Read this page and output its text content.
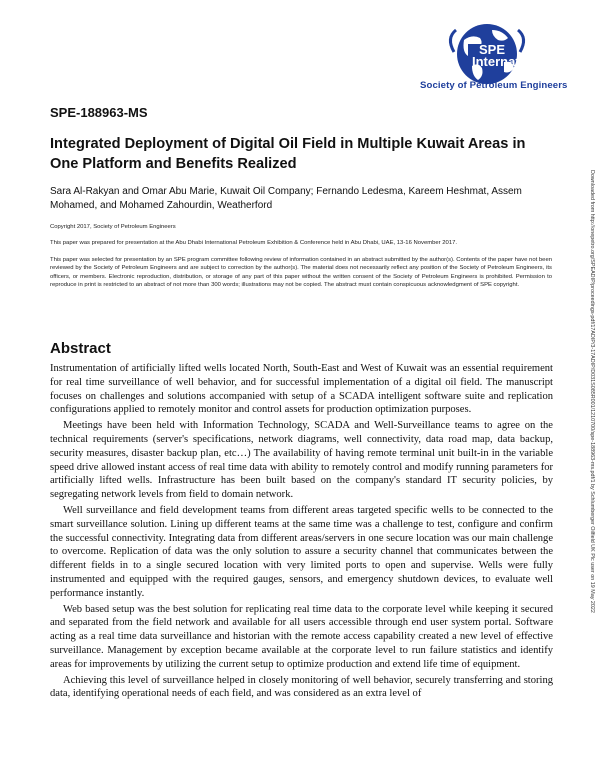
SPE International
Society of Petroleum Engineers
SPE-188963-MS
Integrated Deployment of Digital Oil Field in Multiple Kuwait Areas in One Platform and Benefits Realized
Sara Al-Rakyan and Omar Abu Marie, Kuwait Oil Company; Fernando Ledesma, Kareem Heshmat, Assem Mohamed, and Mohamed Zahourdin, Weatherford
Copyright 2017, Society of Petroleum Engineers
This paper was prepared for presentation at the Abu Dhabi International Petroleum Exhibition & Conference held in Abu Dhabi, UAE, 13-16 November 2017.
This paper was selected for presentation by an SPE program committee following review of information contained in an abstract submitted by the author(s). Contents of the paper have not been reviewed by the Society of Petroleum Engineers and are subject to correction by the author(s). The material does not necessarily reflect any position of the Society of Petroleum Engineers, its officers, or members. Electronic reproduction, distribution, or storage of any part of this paper without the written consent of the Society of Petroleum Engineers is prohibited. Permission to reproduce in print is restricted to an abstract of not more than 300 words; illustrations may not be copied. The abstract must contain conspicuous acknowledgment of SPE copyright.
Abstract

Instrumentation of artificially lifted wells located North, South-East and West of Kuwait was an essential requirement for real time surveillance of well behavior, and for successful implementation of a digital oil field. The manuscript focuses on challenges and solutions accompanied with setup of a SCADA intelligent software suite and replication configurations applied to remotely monitor and control assets for production optimization purposes.

Meetings have been held with Information Technology, SCADA and Well-Surveillance teams to agree on the technical requirements (server's specifications, network diagrams, well connectivity, data road map, data backup, security measures, disaster backup plan, etc…) The availability of having remote terminal unit built-in in the variable speed drive allowed instant access of real time data with ability to remotely control and modify running parameters for artificially lifted wells. Infrastructure has been built based on the company's standard IT security policies, by segregating network levels from field to domain network.

Well surveillance and field development teams from different areas targeted specific wells to be connected to the smart surveillance solution. Lining up different teams at the same time was a challenge to test, configure and confirm the successful connectivity. Integrating data from different areas/servers in one secure location was our main challenge to overcome. Replication of data was the only solution to assure a security channel that communicates between the different fields in to a single secured location with very limited ports to open and supervise. Wells were fully instrumented and equipped with the required gauges, sensors, and emergency shutdown devices, to evaluate well performance instantly.

Web based setup was the best solution for replicating real time data to the corporate level while keeping it secured and separated from the field network and available for all users accessible through end user system portal. Software acting as a real time data surveillance and historian with the remote access capability created a new level of effective surveillance. Management by exception became available at the corporate level to run failure statistics and identify areas for improvements by utilizing the current setup to optimize production and extend life time of equipment.

Achieving this level of surveillance helped in closely monitoring of well behavior, securely transferring and storing data, identifying operational needs of each field, and was considered as an extra level of

Downloaded from http://onepetro.org/SPEADIP/proceedings-pdf/17ADIP/3-17ADIP/D031S085R001/1210700/spe-188963-ms.pdf/1 by Schlumberger Oilfield UK Plc user on 19 May 2022
